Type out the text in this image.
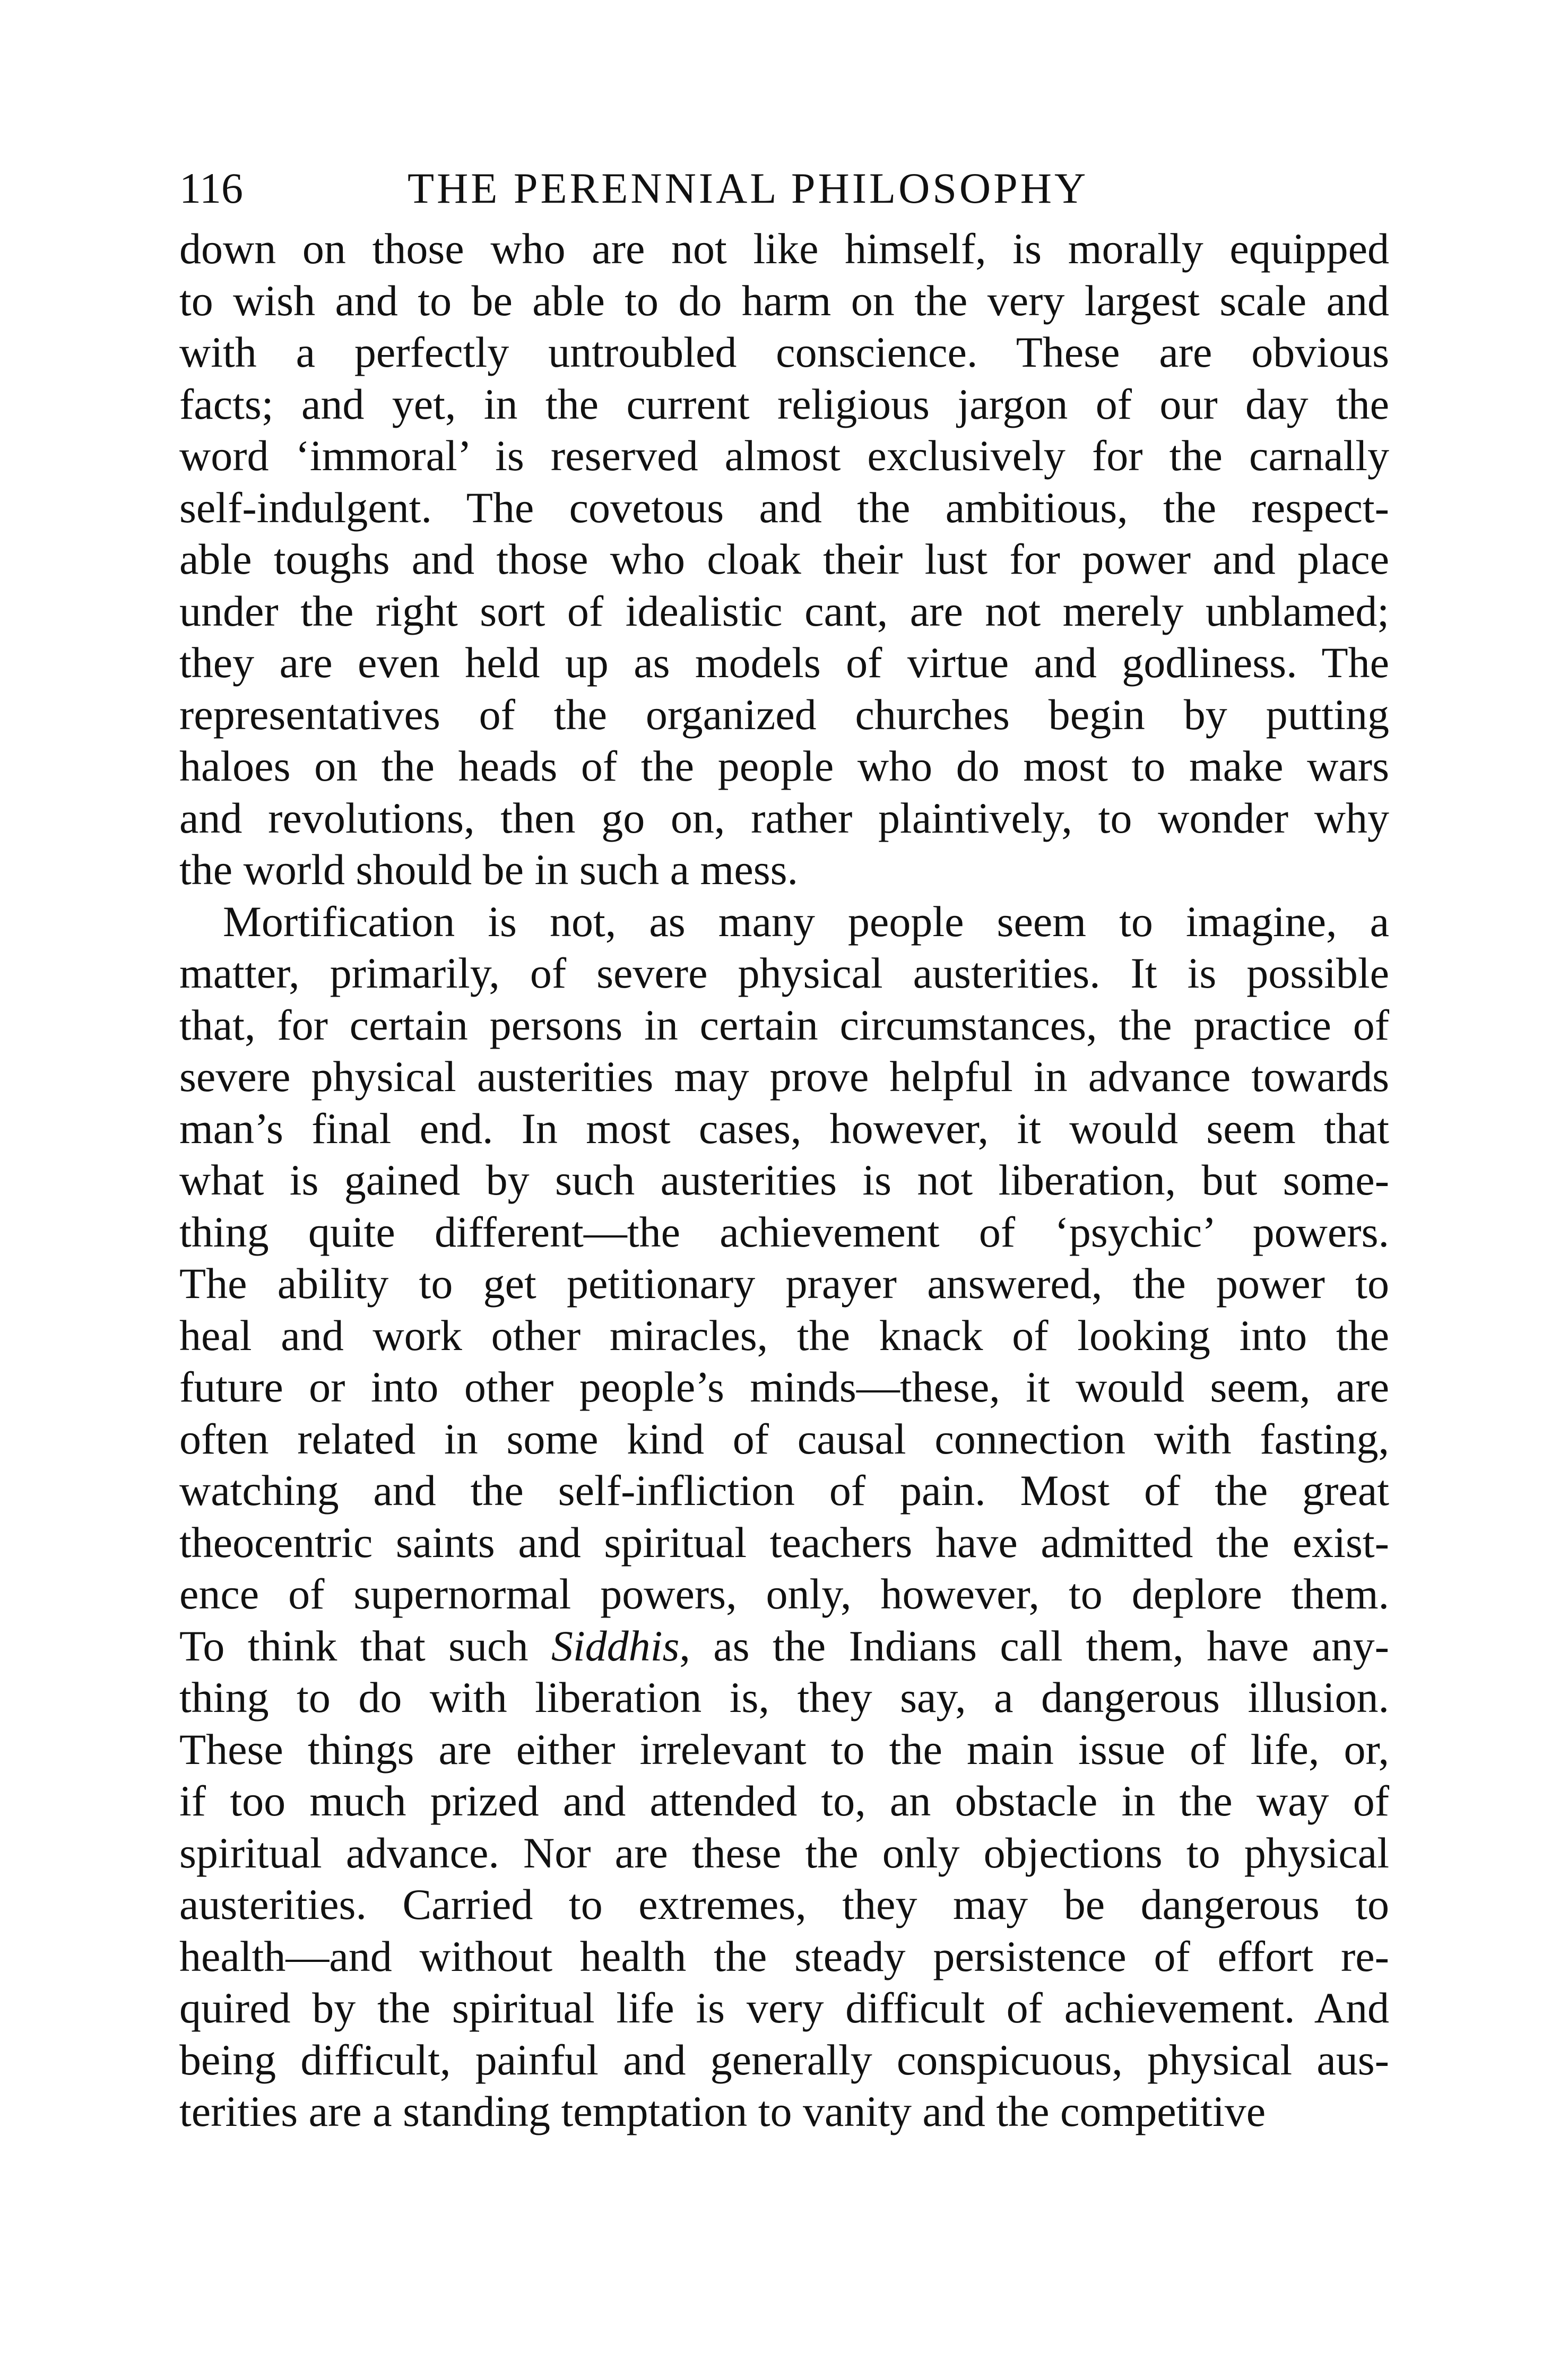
116	THE PERENNIAL PHILOSOPHY
down on those who are not like himself, is morally equipped
to wish and to be able to do harm on the very largest scale and
with a perfectly untroubled conscience. These are obvious
facts; and yet, in the current religious jargon of our day the
word ‘immoral’ is reserved almost exclusively for the carnally
self-indulgent. The covetous and the ambitious, the respect-
able toughs and those who cloak their lust for power and place
under the right sort of idealistic cant, are not merely unblamed;
they are even held up as models of virtue and godliness. The
representatives of the organized churches begin by putting
haloes on the heads of the people who do most to make wars
and revolutions, then go on, rather plaintively, to wonder why
the world should be in such a mess.
Mortification is not, as many people seem to imagine, a
matter, primarily, of severe physical austerities. It is possible
that, for certain persons in certain circumstances, the practice of
severe physical austerities may prove helpful in advance towards
man’s final end. In most cases, however, it would seem that
what is gained by such austerities is not liberation, but some-
thing quite different—the achievement of ‘psychic’ powers.
The ability to get petitionary prayer answered, the power to
heal and work other miracles, the knack of looking into the
future or into other people’s minds—these, it would seem, are
often related in some kind of causal connection with fasting,
watching and the self-infliction of pain. Most of the great
theocentric saints and spiritual teachers have admitted the exist-
ence of supernormal powers, only, however, to deplore them.
To think that such Siddhis, as the Indians call them, have any-
thing to do with liberation is, they say, a dangerous illusion.
These things are either irrelevant to the main issue of life, or,
if too much prized and attended to, an obstacle in the way of
spiritual advance. Nor are these the only objections to physical
austerities. Carried to extremes, they may be dangerous to
health—and without health the steady persistence of effort re-
quired by the spiritual life is very difficult of achievement. And
being difficult, painful and generally conspicuous, physical aus-
terities are a standing temptation to vanity and the competitive
